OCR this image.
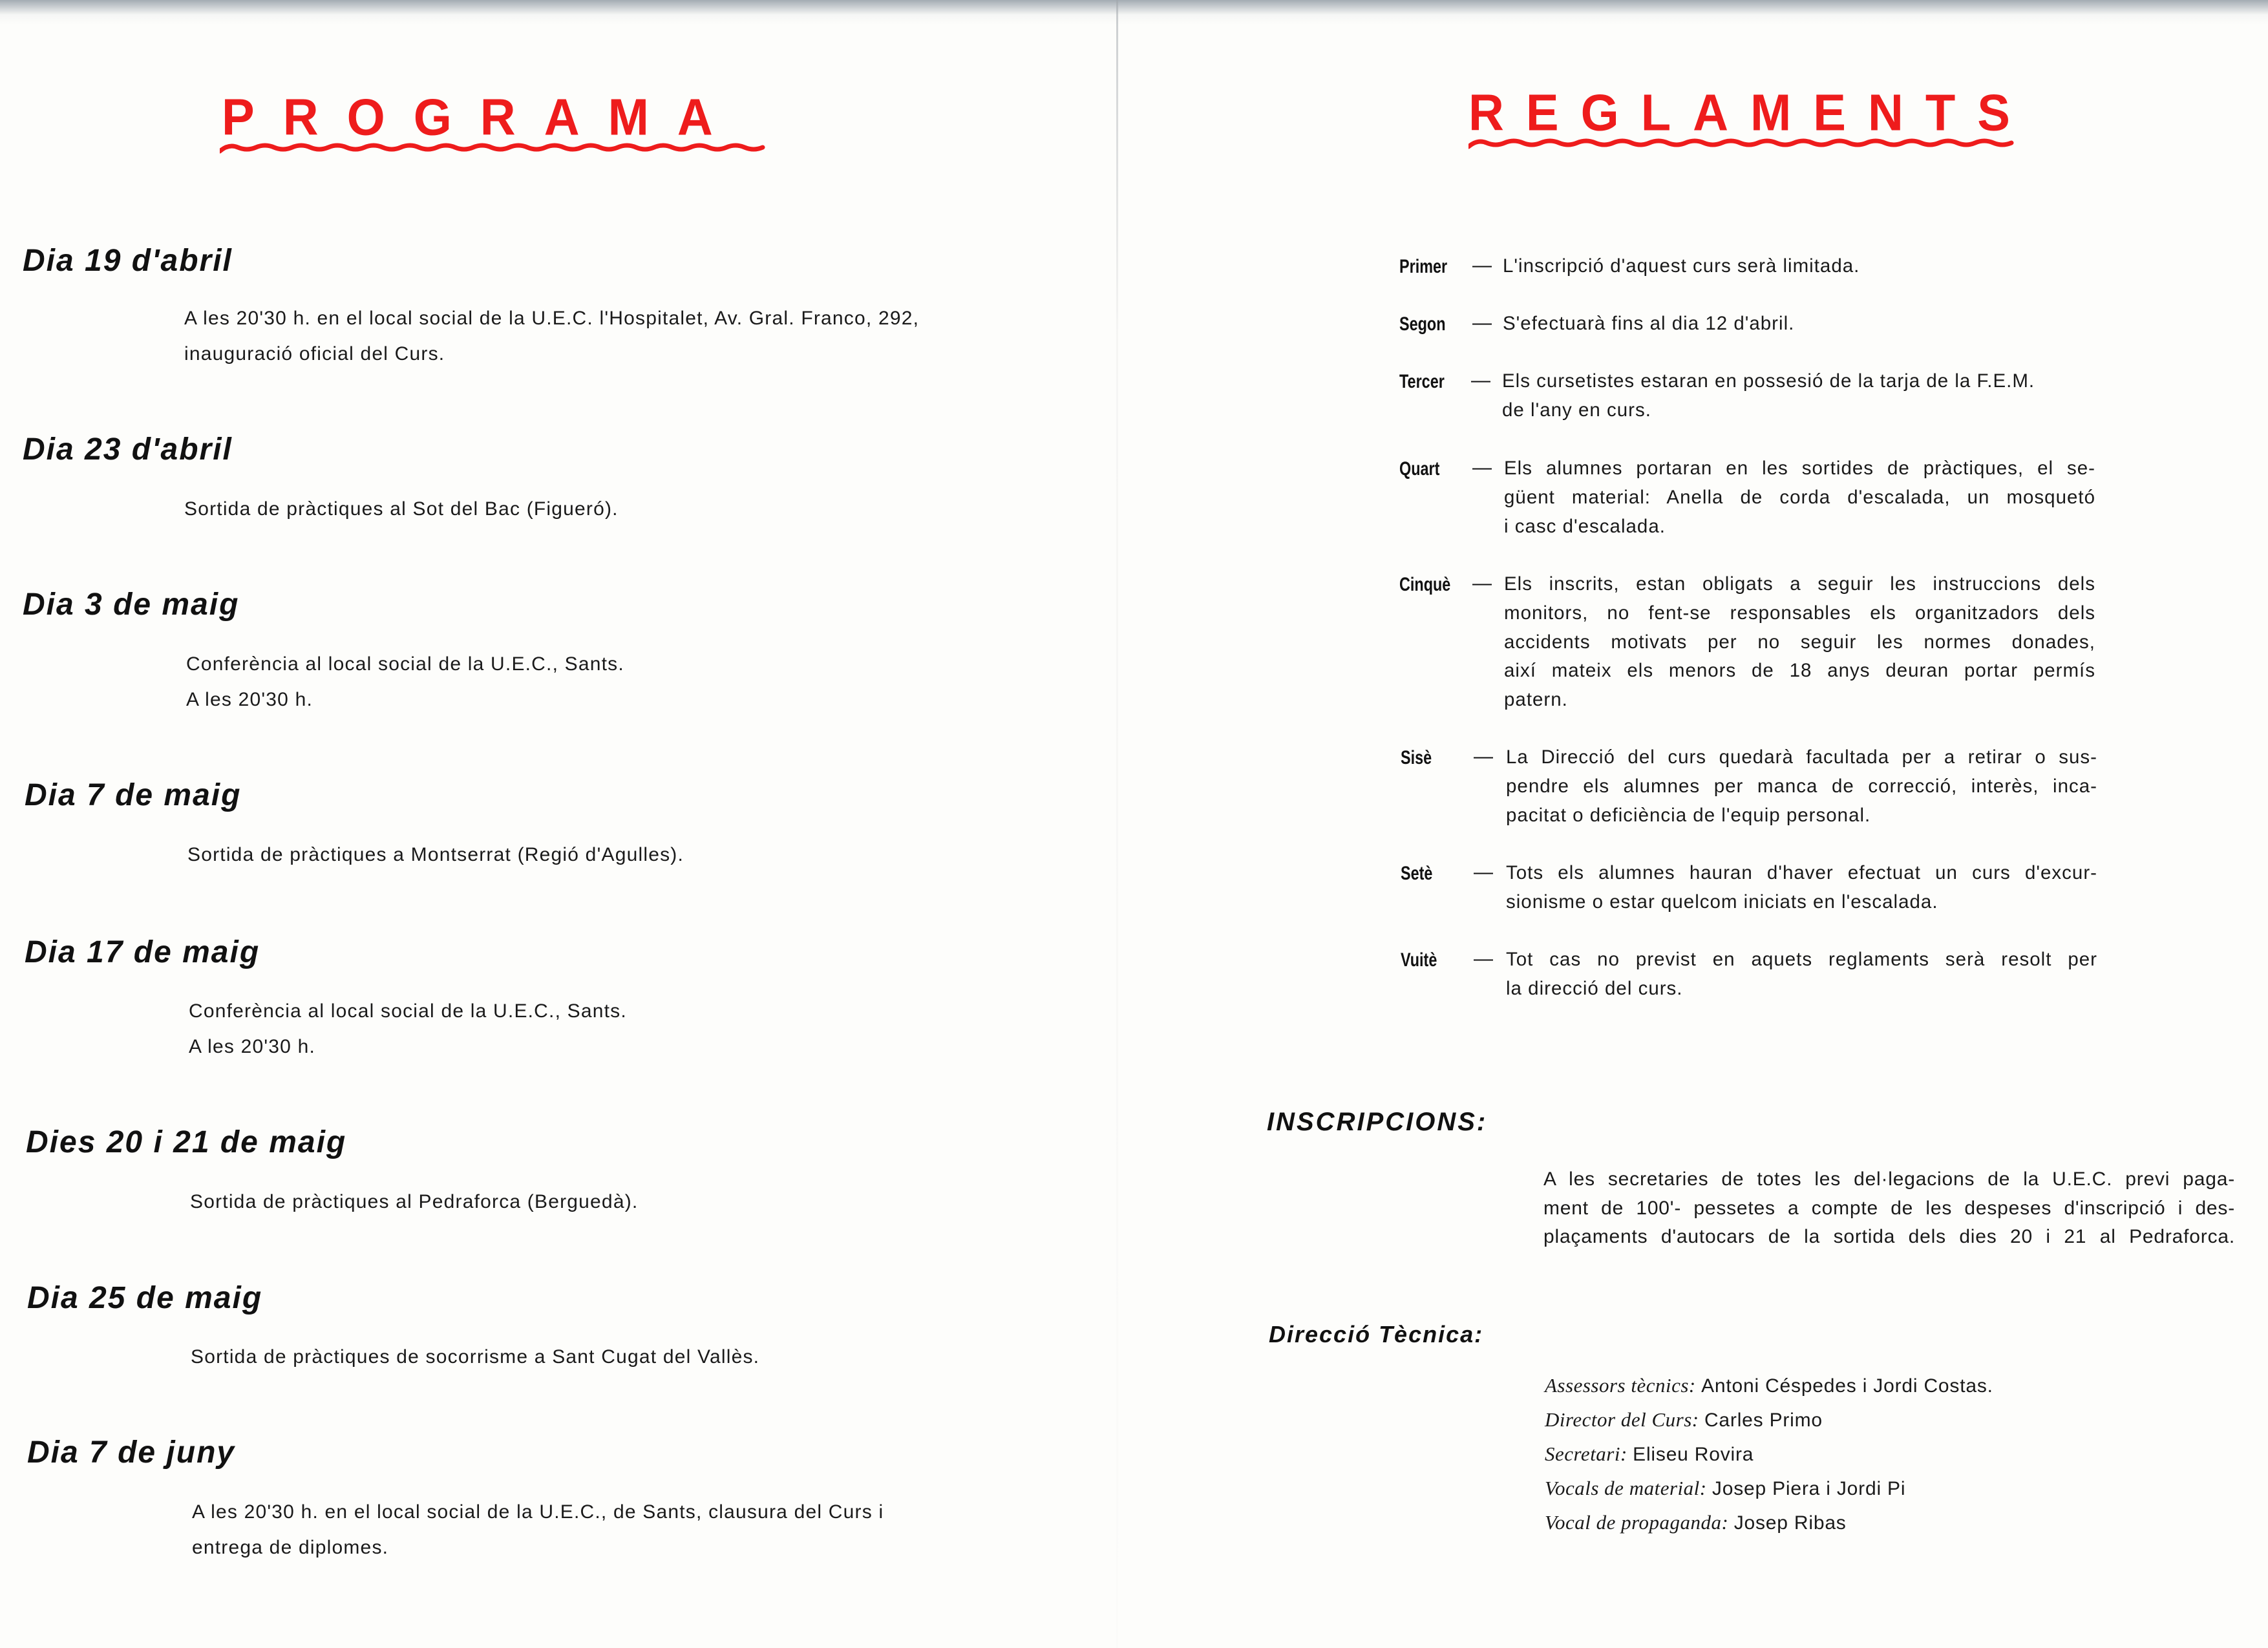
PROGRAMA
Dia 19 d'abril

A les 20'30 h. en el local social de la U.E.C. l'Hospitalet, Av. Gral. Franco, 292,

inauguració oficial del Curs.

Dia 23 d'abril

Sortida de pràctiques al Sot del Bac (Figueró).

Dia 3 de maig

Conferència al local social de la U.E.C., Sants.

A les 20'30 h.

Dia 7 de maig

Sortida de pràctiques a Montserrat (Regió d'Agulles).

Dia 17 de maig

Conferència al local social de la U.E.C., Sants.

A les 20'30 h.

Dies 20 i 21 de maig

Sortida de pràctiques al Pedraforca (Berguedà).

Dia 25 de maig

Sortida de pràctiques de socorrisme a Sant Cugat del Vallès.

Dia 7 de juny

A les 20'30 h. en el local social de la U.E.C., de Sants, clausura del Curs i

entrega de diplomes.

REGLAMENTS

Primer — L'inscripció d'aquest curs serà limitada.

Segon — S'efectuarà fins al dia 12 d'abril.

Tercer — Els cursetistes estaran en possesió de la tarja de la F.E.M.
de l'any en curs.

Quart — Els alumnes portaran en les sortides de pràctiques, el se-
güent material: Anella de corda d'escalada, un mosquetó
i casc d'escalada.

Cinquè — Els inscrits, estan obligats a seguir les instruccions dels
monitors, no fent-se responsables els organitzadors dels
accidents motivats per no seguir les normes donades,
així mateix els menors de 18 anys deuran portar permís
patern.

Sisè — La Direcció del curs quedarà facultada per a retirar o sus-
pendre els alumnes per manca de correcció, interès, inca-
pacitat o deficiència de l'equip personal.

Setè — Tots els alumnes hauran d'haver efectuat un curs d'excur-
sionisme o estar quelcom iniciats en l'escalada.

Vuitè — Tot cas no previst en aquets reglaments serà resolt per
la direcció del curs.
INSCRIPCIONS:
A les secretaries de totes les del·legacions de la U.E.C. previ paga-
ment de 100'- pessetes a compte de les despeses d'inscripció i des-
plaçaments d'autocars de la sortida dels dies 20 i 21 al Pedraforca.
Direcció Tècnica:

Assessors tècnics: Antoni Céspedes i Jordi Costas.

Director del Curs: Carles Primo

Secretari: Eliseu Rovira

Vocals de material: Josep Piera i Jordi Pi

Vocal de propaganda: Josep Ribas
